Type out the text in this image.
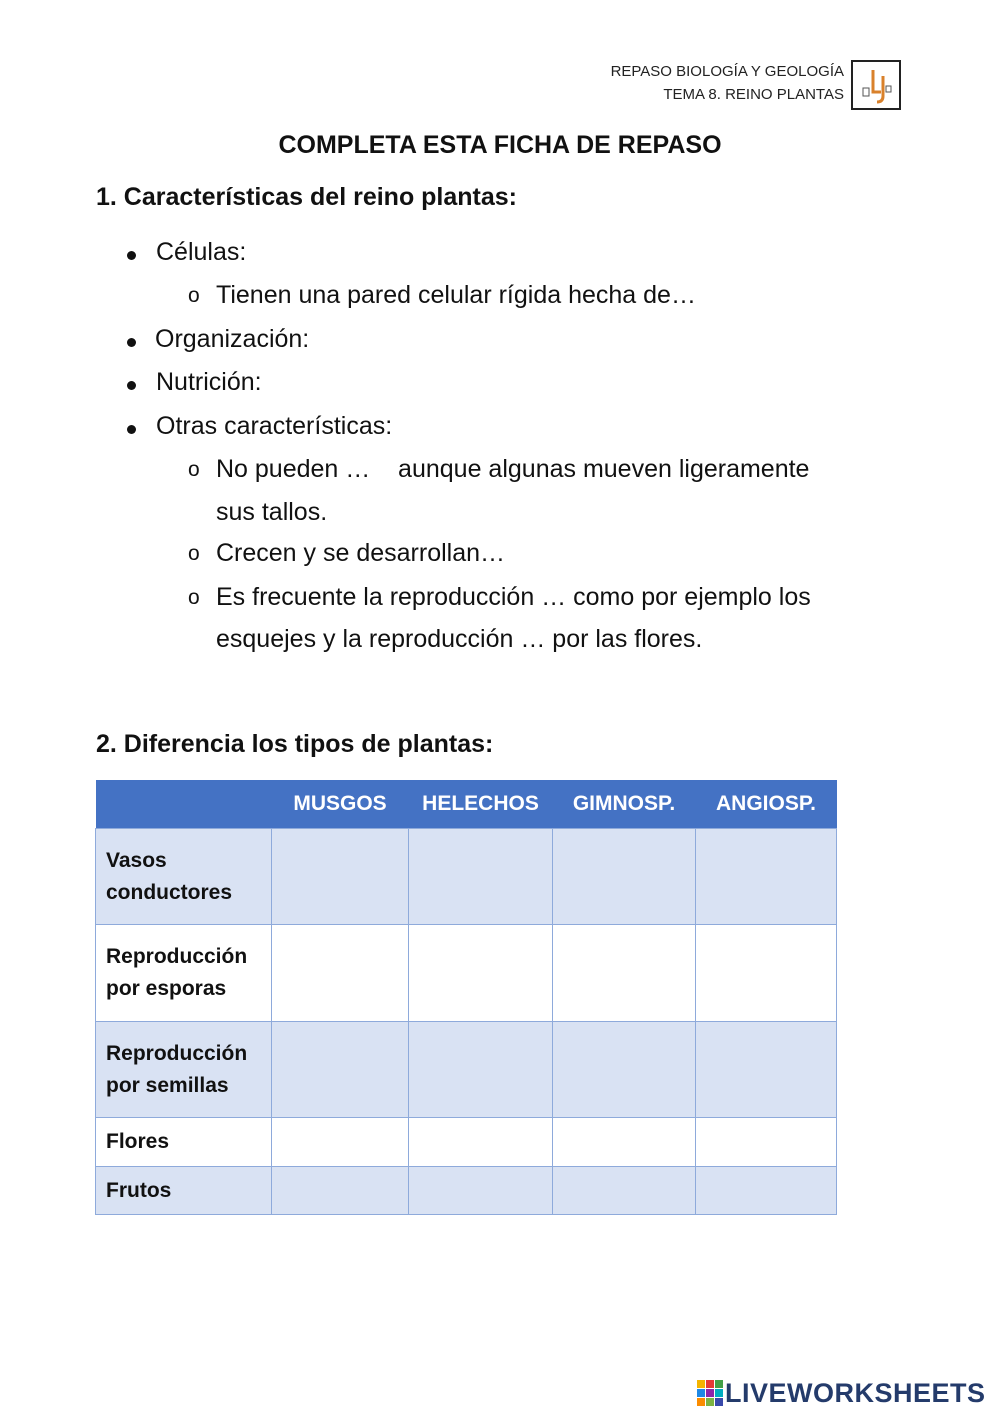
REPASO BIOLOGÍA Y GEOLOGÍA
TEMA 8. REINO PLANTAS
COMPLETA ESTA FICHA DE REPASO
1. Características del reino plantas:
Células:
o Tienen una pared celular rígida hecha de…
Organización:
Nutrición:
Otras características:
o No pueden …    aunque algunas mueven ligeramente
sus tallos.
o Crecen y se desarrollan…
o Es frecuente la reproducción … como por ejemplo los
esquejes y la reproducción … por las flores.
2. Diferencia los tipos de plantas:
	MUSGOS	HELECHOS	GIMNOSP.	ANGIOSP.
Vasos conductores				
Reproducción por esporas				
Reproducción por semillas				
Flores				
Frutos				
LIVEWORKSHEETS
